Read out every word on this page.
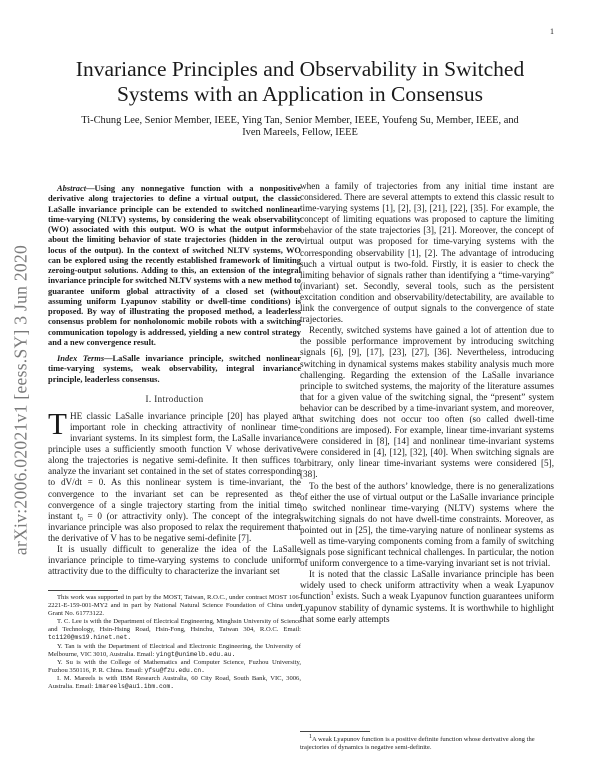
1
arXiv:2006.02021v1 [eess.SY] 3 Jun 2020
Invariance Principles and Observability in Switched Systems with an Application in Consensus
Ti-Chung Lee, Senior Member, IEEE, Ying Tan, Senior Member, IEEE, Youfeng Su, Member, IEEE, and
Iven Mareels, Fellow, IEEE

Abstract—Using any nonnegative function with a nonpositive derivative along trajectories to define a virtual output, the classic LaSalle invariance principle can be extended to switched nonlinear time-varying (NLTV) systems, by considering the weak observability (WO) associated with this output. WO is what the output informs about the limiting behavior of state trajectories (hidden in the zero locus of the output). In the context of switched NLTV systems, WO can be explored using the recently established framework of limiting zeroing-output solutions. Adding to this, an extension of the integral invariance principle for switched NLTV systems with a new method to guarantee uniform global attractivity of a closed set (without assuming uniform Lyapunov stability or dwell-time conditions) is proposed. By way of illustrating the proposed method, a leaderless consensus problem for nonholonomic mobile robots with a switching communication topology is addressed, yielding a new control strategy and a new convergence result.

Index Terms—LaSalle invariance principle, switched nonlinear time-varying systems, weak observability, integral invariance principle, leaderless consensus.

I. Introduction

THE classic LaSalle invariance principle [20] has played an important role in checking attractivity of nonlinear time-invariant systems. In its simplest form, the LaSalle invariance principle uses a sufficiently smooth function V whose derivative along the trajectories is negative semi-definite. It then suffices to analyze the invariant set contained in the set of states corresponding to dV/dt = 0. As this nonlinear system is time-invariant, the convergence to the invariant set can be represented as the convergence of a single trajectory starting from the initial time instant t₀ = 0 (or attractivity only). The concept of the integral invariance principle was also proposed to relax the requirement that the derivative of V has to be negative semi-definite [7].

It is usually difficult to generalize the idea of the LaSalle invariance principle to time-varying systems to conclude uniform attractivity due to the difficulty to characterize the invariant set

This work was supported in part by the MOST, Taiwan, R.O.C., under contract MOST 106-2221-E-159-001-MY2 and in part by National Natural Science Foundation of China under Grant No. 61773122.

T. C. Lee is with the Department of Electrical Engineering, Minghsin University of Science and Technology, Hsin-Hsing Road, Hsin-Fong, Hsinchu, Taiwan 304, R.O.C. Email: tc1120@ms19.hinet.net.

Y. Tan is with the Department of Electrical and Electronic Engineering, the University of Melbourne, VIC 3010, Australia. Email: yingt@unimelb.edu.au.

Y. Su is with the College of Mathematics and Computer Science, Fuzhou University, Fuzhou 350116, P. R. China. Email: yfsu@fzu.edu.cn.

I. M. Mareels is with IBM Research Australia, 60 City Road, South Bank, VIC, 3006, Australia. Email: imareels@au1.ibm.com.

when a family of trajectories from any initial time instant are considered. There are several attempts to extend this classic result to time-varying systems [1], [2], [3], [21], [22], [35]. For example, the concept of limiting equations was proposed to capture the limiting behavior of the state trajectories [3], [21]. Moreover, the concept of virtual output was proposed for time-varying systems with the corresponding observability [1], [2]. The advantage of introducing such a virtual output is two-fold. Firstly, it is easier to check the limiting behavior of signals rather than identifying a “time-varying” (invariant) set. Secondly, several tools, such as the persistent excitation condition and observability/detectability, are available to link the convergence of output signals to the convergence of state trajectories.

Recently, switched systems have gained a lot of attention due to the possible performance improvement by introducing switching signals [6], [9], [17], [23], [27], [36]. Nevertheless, introducing switching in dynamical systems makes stability analysis much more challenging. Regarding the extension of the LaSalle invariance principle to switched systems, the majority of the literature assumes that for a given value of the switching signal, the “present” system behavior can be described by a time-invariant system, and moreover, that switching does not occur too often (so called dwell-time conditions are imposed). For example, linear time-invariant systems were considered in [8], [14] and nonlinear time-invariant systems were considered in [4], [12], [32], [40]. When switching signals are arbitrary, only linear time-invariant systems were considered [5], [38].

To the best of the authors’ knowledge, there is no generalizations of either the use of virtual output or the LaSalle invariance principle to switched nonlinear time-varying (NLTV) systems where the switching signals do not have dwell-time constraints. Moreover, as pointed out in [25], the time-varying nature of nonlinear systems as well as time-varying components coming from a family of switching signals pose significant technical challenges. In particular, the notion of uniform convergence to a time-varying invariant set is not trivial.

It is noted that the classic LaSalle invariance principle has been widely used to check uniform attractivity when a weak Lyapunov function$^1$ exists. Such a weak Lyapunov function guarantees uniform Lyapunov stability of dynamic systems. It is worthwhile to highlight that some early attempts

$^1$A weak Lyapunov function is a positive definite function whose derivative along the trajectories of dynamics is negative semi-definite.
